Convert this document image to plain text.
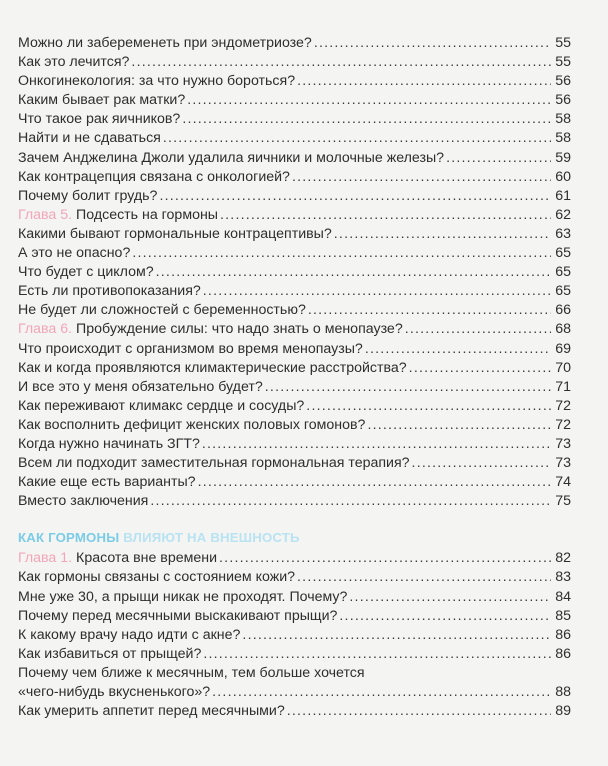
Можно ли забеременеть при эндометриозе? .....	55
Как это лечится? .....	55
Онкогинекология: за что нужно бороться? .....	56
Каким бывает рак матки? .....	56
Что такое рак яичников? .....	58
Найти и не сдаваться .....	58
Зачем Анджелина Джоли удалила яичники и молочные железы? .....	59
Как контрацепция связана с онкологией? .....	60
Почему болит грудь? .....	61
Глава 5. Подсесть на гормоны .....	62
Какими бывают гормональные контрацептивы? .....	63
А это не опасно? .....	65
Что будет с циклом? .....	65
Есть ли противопоказания? .....	65
Не будет ли сложностей с беременностью? .....	66
Глава 6. Пробуждение силы: что надо знать о менопаузе? .....	68
Что происходит с организмом во время менопаузы? .....	69
Как и когда проявляются климактерические расстройства? .....	70
И все это у меня обязательно будет? .....	71
Как переживают климакс сердце и сосуды? .....	72
Как восполнить дефицит женских половых гомонов? .....	72
Когда нужно начинать ЗГТ? .....	73
Всем ли подходит заместительная гормональная терапия? .....	73
Какие еще есть варианты? .....	74
Вместо заключения .....	75
КАК ГОРМОНЫ ВЛИЯЮТ НА ВНЕШНОСТЬ
Глава 1. Красота вне времени .....	82
Как гормоны связаны с состоянием кожи? .....	83
Мне уже 30, а прыщи никак не проходят. Почему? .....	84
Почему перед месячными выскакивают прыщи? .....	85
К какому врачу надо идти с акне? .....	86
Как избавиться от прыщей? .....	86
Почему чем ближе к месячным, тем больше хочется
«чего-нибудь вкусненького»? .....	88
Как умерить аппетит перед месячными? .....	89
